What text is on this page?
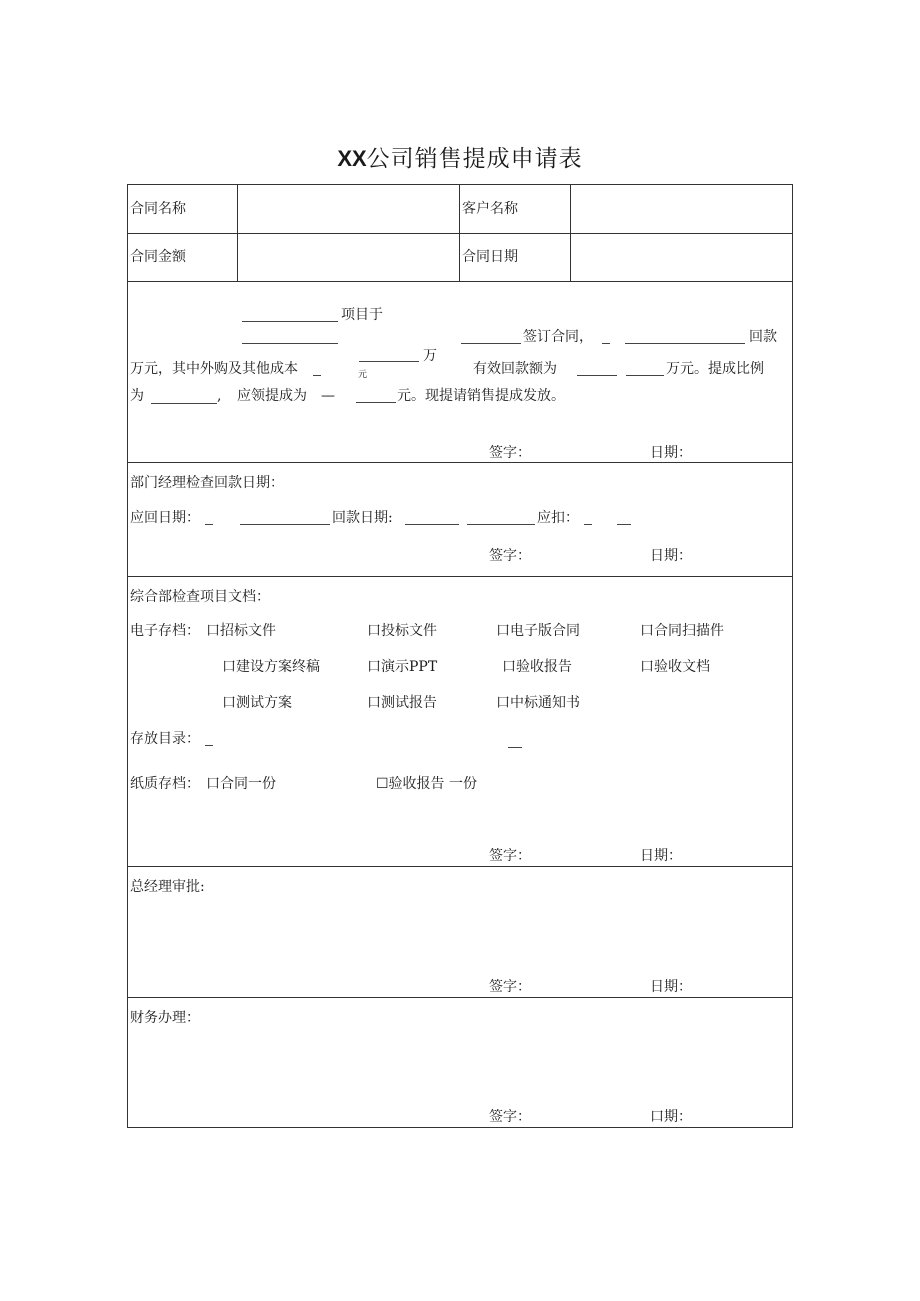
XX公司销售提成申请表
合同名称	客户名称
合同金额	合同日期
项目于
签订合同，	回款
万元，其中外购及其他成本
万
元	有效回款额为	万元。提成比例
为	, 应领提成为 —	元。现提请销售提成发放。
签字：	日期：
部门经理检查回款日期：
应回日期：	回款日期:	应扣：
签字：	日期：
综合部检查项目文档：
电子存档： 口招标文件	口投标文件	口电子版合同	口合同扫描件
口建设方案终稿	口演示PPT	口验收报告	口验收文档
口测试方案	口测试报告	口中标通知书
存放目录：
纸质存档： 口合同一份	☐验收报告 一份
签字：	日期：
总经理审批:
签字：	日期：
财务办理：
签字：	口期：
